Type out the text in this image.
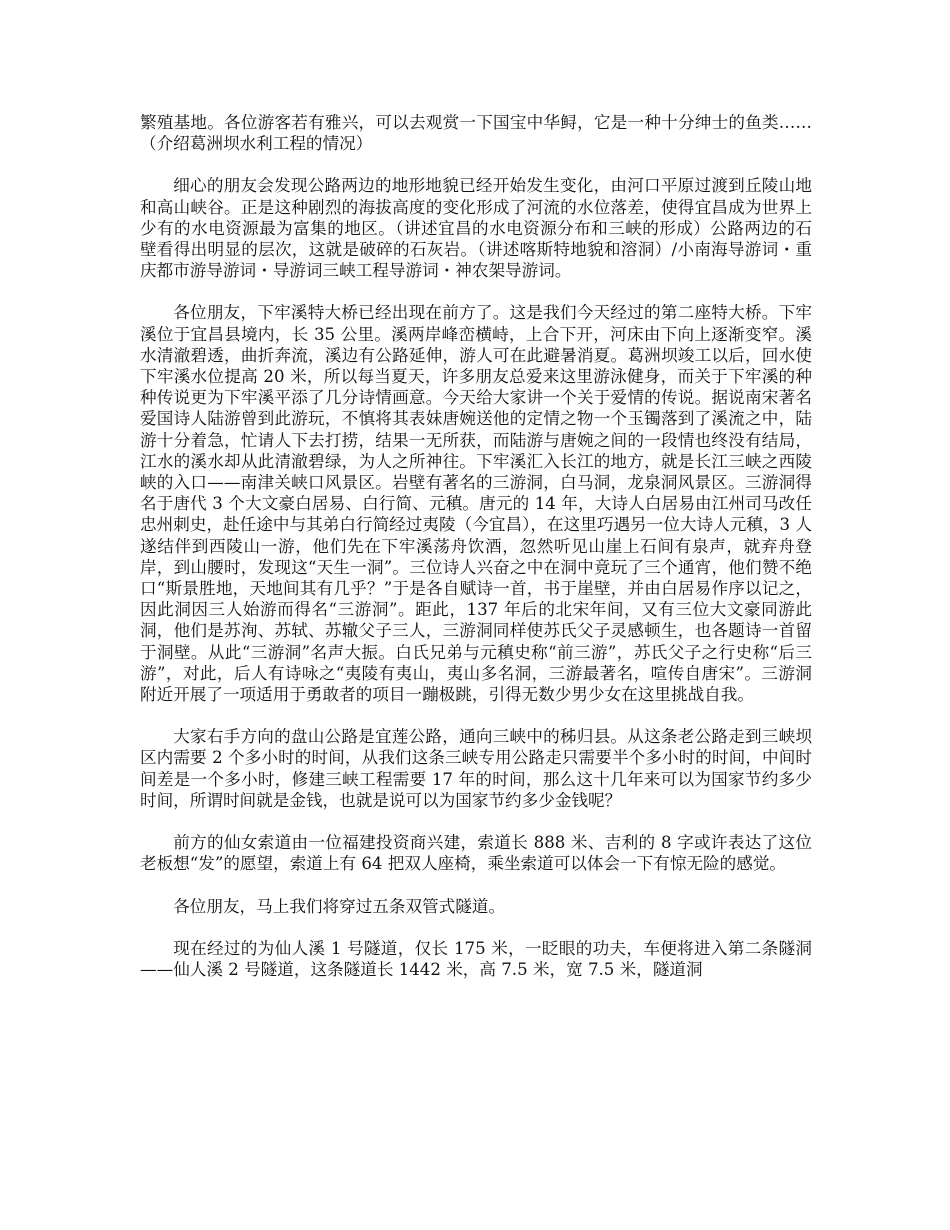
繁殖基地。各位游客若有雅兴，可以去观赏一下国宝中华鲟，它是一种十分绅士的鱼类……（介绍葛洲坝水利工程的情况）

细心的朋友会发现公路两边的地形地貌已经开始发生变化，由河口平原过渡到丘陵山地和高山峡谷。正是这种剧烈的海拔高度的变化形成了河流的水位落差，使得宜昌成为世界上少有的水电资源最为富集的地区。（讲述宜昌的水电资源分布和三峡的形成）公路两边的石壁看得出明显的层次，这就是破碎的石灰岩。（讲述喀斯特地貌和溶洞）/小南海导游词・重庆都市游导游词・导游词三峡工程导游词・神农架导游词。

各位朋友，下牢溪特大桥已经出现在前方了。这是我们今天经过的第二座特大桥。下牢溪位于宜昌县境内，长 35 公里。溪两岸峰峦横峙，上合下开，河床由下向上逐渐变窄。溪水清澈碧透，曲折奔流，溪边有公路延伸，游人可在此避暑消夏。葛洲坝竣工以后，回水使下牢溪水位提高 20 米，所以每当夏天，许多朋友总爱来这里游泳健身，而关于下牢溪的种种传说更为下牢溪平添了几分诗情画意。今天给大家讲一个关于爱情的传说。据说南宋著名爱国诗人陆游曾到此游玩，不慎将其表妹唐婉送他的定情之物一个玉镯落到了溪流之中，陆游十分着急，忙请人下去打捞，结果一无所获，而陆游与唐婉之间的一段情也终没有结局，江水的溪水却从此清澈碧绿，为人之所神往。下牢溪汇入长江的地方，就是长江三峡之西陵峡的入口——南津关峡口风景区。岩壁有著名的三游洞，白马洞，龙泉洞风景区。三游洞得名于唐代 3 个大文豪白居易、白行简、元稹。唐元的 14 年，大诗人白居易由江州司马改任忠州刺史，赴任途中与其弟白行简经过夷陵（今宜昌），在这里巧遇另一位大诗人元稹，3 人遂结伴到西陵山一游，他们先在下牢溪荡舟饮酒，忽然听见山崖上石间有泉声，就弃舟登岸，到山腰时，发现这“天生一洞”。三位诗人兴奋之中在洞中竟玩了三个通宵，他们赞不绝口“斯景胜地，天地间其有几乎？”于是各自赋诗一首，书于崖壁，并由白居易作序以记之，因此洞因三人始游而得名“三游洞”。距此，137 年后的北宋年间，又有三位大文豪同游此洞，他们是苏洵、苏轼、苏辙父子三人，三游洞同样使苏氏父子灵感顿生，也各题诗一首留于洞壁。从此“三游洞”名声大振。白氏兄弟与元稹史称“前三游”，苏氏父子之行史称“后三游”，对此，后人有诗咏之“夷陵有夷山，夷山多名洞，三游最著名，喧传自唐宋”。三游洞附近开展了一项适用于勇敢者的项目一蹦极跳，引得无数少男少女在这里挑战自我。

大家右手方向的盘山公路是宜莲公路，通向三峡中的秭归县。从这条老公路走到三峡坝区内需要 2 个多小时的时间，从我们这条三峡专用公路走只需要半个多小时的时间，中间时间差是一个多小时，修建三峡工程需要 17 年的时间，那么这十几年来可以为国家节约多少时间，所谓时间就是金钱，也就是说可以为国家节约多少金钱呢？

前方的仙女索道由一位福建投资商兴建，索道长 888 米、吉利的 8 字或许表达了这位老板想“发”的愿望，索道上有 64 把双人座椅，乘坐索道可以体会一下有惊无险的感觉。

各位朋友，马上我们将穿过五条双管式隧道。

现在经过的为仙人溪 1 号隧道，仅长 175 米，一眨眼的功夫，车便将进入第二条隧洞——仙人溪 2 号隧道，这条隧道长 1442 米，高 7.5 米，宽 7.5 米，隧道洞
